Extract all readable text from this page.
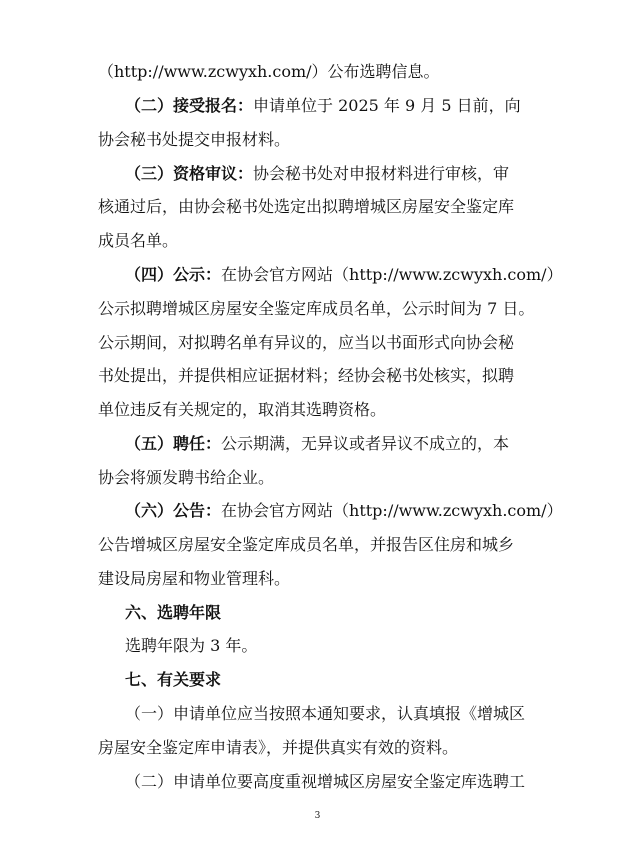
（http://www.zcwyxh.com/）公布选聘信息。
（二）接受报名：申请单位于 2025 年 9 月 5 日前，向
协会秘书处提交申报材料。
（三）资格审议：协会秘书处对申报材料进行审核，审
核通过后，由协会秘书处选定出拟聘增城区房屋安全鉴定库
成员名单。
（四）公示：在协会官方网站（http://www.zcwyxh.com/）
公示拟聘增城区房屋安全鉴定库成员名单，公示时间为 7 日。
公示期间，对拟聘名单有异议的，应当以书面形式向协会秘
书处提出，并提供相应证据材料；经协会秘书处核实，拟聘
单位违反有关规定的，取消其选聘资格。
（五）聘任：公示期满，无异议或者异议不成立的，本
协会将颁发聘书给企业。
（六）公告：在协会官方网站（http://www.zcwyxh.com/）
公告增城区房屋安全鉴定库成员名单，并报告区住房和城乡
建设局房屋和物业管理科。
六、选聘年限
选聘年限为 3 年。
七、有关要求
（一）申请单位应当按照本通知要求，认真填报《增城区
房屋安全鉴定库申请表》，并提供真实有效的资料。
（二）申请单位要高度重视增城区房屋安全鉴定库选聘工
3
